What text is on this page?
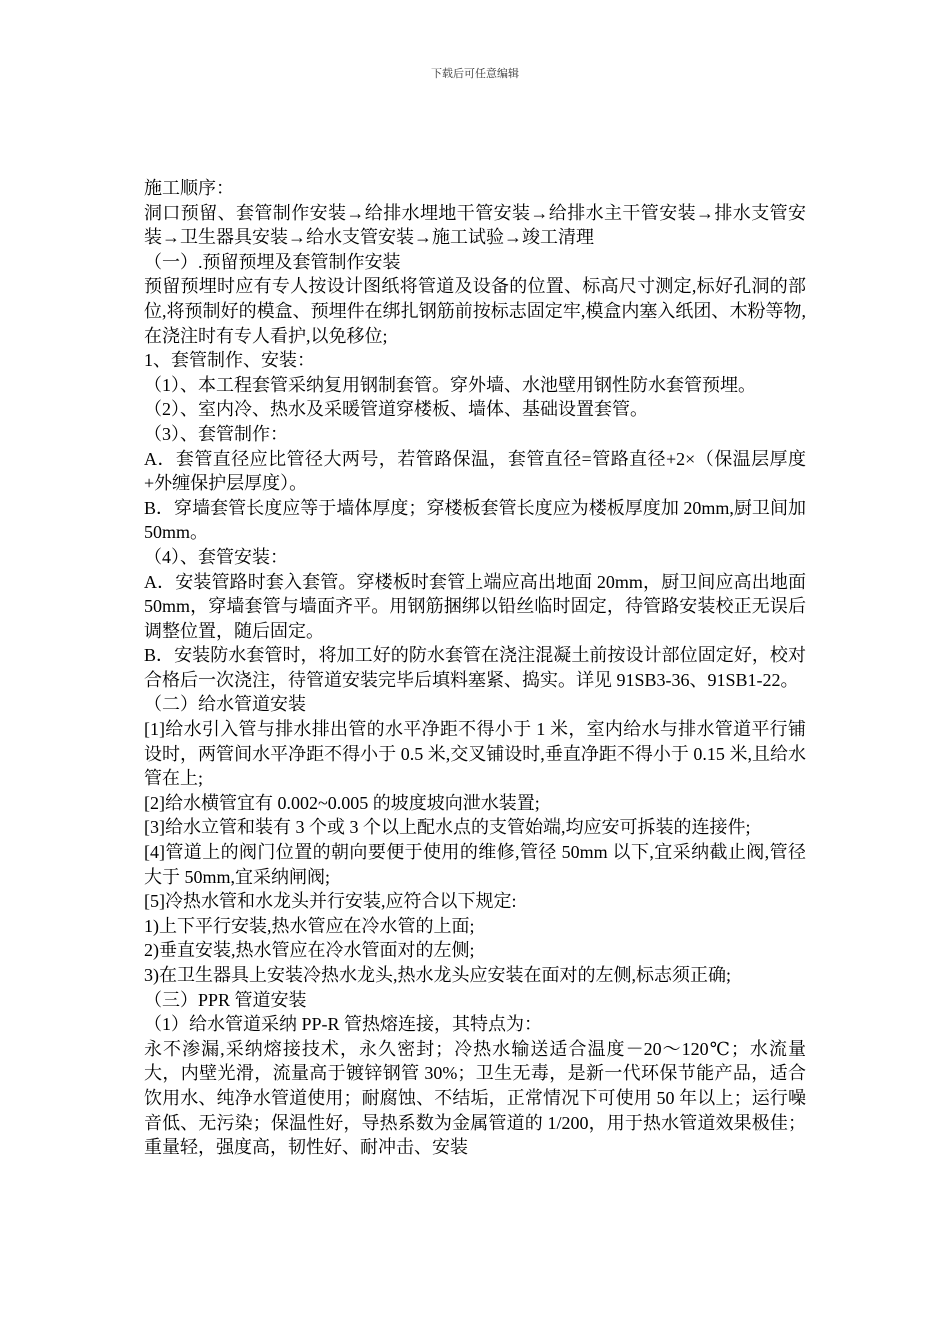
下载后可任意编辑

施工顺序：

洞口预留、套管制作安装→给排水埋地干管安装→给排水主干管安装→排水支管安装→卫生器具安装→给水支管安装→施工试验→竣工清理

（一）.预留预埋及套管制作安装

预留预埋时应有专人按设计图纸将管道及设备的位置、标高尺寸测定,标好孔洞的部位,将预制好的模盒、预埋件在绑扎钢筋前按标志固定牢,模盒内塞入纸团、木粉等物,在浇注时有专人看护,以免移位;

1、套管制作、安装：

（1）、本工程套管采纳复用钢制套管。穿外墙、水池壁用钢性防水套管预埋。

（2）、室内冷、热水及采暖管道穿楼板、墙体、基础设置套管。

（3）、套管制作：

A．套管直径应比管径大两号，若管路保温，套管直径=管路直径+2×（保温层厚度+外缠保护层厚度）。

B．穿墙套管长度应等于墙体厚度；穿楼板套管长度应为楼板厚度加 20mm,厨卫间加 50mm。

（4）、套管安装：

A．安装管路时套入套管。穿楼板时套管上端应高出地面 20mm，厨卫间应高出地面 50mm，穿墙套管与墙面齐平。用钢筋捆绑以铅丝临时固定，待管路安装校正无误后调整位置，随后固定。

B．安装防水套管时，将加工好的防水套管在浇注混凝土前按设计部位固定好，校对合格后一次浇注，待管道安装完毕后填料塞紧、捣实。详见 91SB3-36、91SB1-22。

（二）给水管道安装

[1]给水引入管与排水排出管的水平净距不得小于 1 米，室内给水与排水管道平行铺设时，两管间水平净距不得小于 0.5 米,交叉铺设时,垂直净距不得小于 0.15 米,且给水管在上;

[2]给水横管宜有 0.002~0.005 的坡度坡向泄水装置;

[3]给水立管和装有 3 个或 3 个以上配水点的支管始端,均应安可拆装的连接件;

[4]管道上的阀门位置的朝向要便于使用的维修,管径 50mm 以下,宜采纳截止阀,管径大于 50mm,宜采纳闸阀;

[5]冷热水管和水龙头并行安装,应符合以下规定:

1)上下平行安装,热水管应在冷水管的上面;

2)垂直安装,热水管应在冷水管面对的左侧;

3)在卫生器具上安装冷热水龙头,热水龙头应安装在面对的左侧,标志须正确;

（三）PPR 管道安装

（1）给水管道采纳 PP-R 管热熔连接，其特点为：

永不渗漏,采纳熔接技术，永久密封；冷热水输送适合温度－20～120℃；水流量大，内壁光滑，流量高于镀锌钢管 30%；卫生无毒，是新一代环保节能产品，适合饮用水、纯净水管道使用；耐腐蚀、不结垢，正常情况下可使用 50 年以上；运行噪音低、无污染；保温性好，导热系数为金属管道的 1/200，用于热水管道效果极佳；重量轻，强度高，韧性好、耐冲击、安装
